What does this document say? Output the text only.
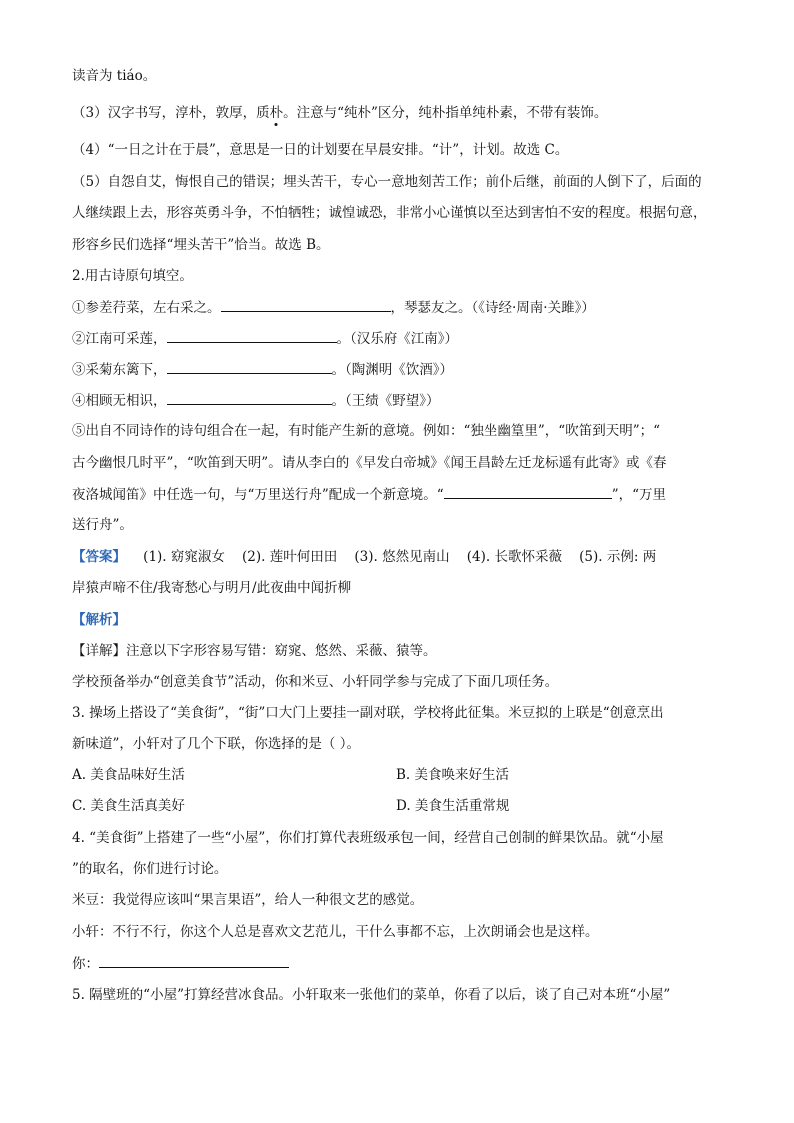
读音为 tiáo。
（3）汉字书写，淳朴，敦厚，质朴。注意与“纯朴”区分，纯朴指单纯朴素，不带有装饰。
（4）“一日之计在于晨”，意思是一日的计划要在早晨安排。“计”，计划。故选 C。
（5）自怨自艾，悔恨自己的错误；埋头苦干，专心一意地刻苦工作；前仆后继，前面的人倒下了，后面的
人继续跟上去，形容英勇斗争，不怕牺牲；诚惶诚恐，非常小心谨慎以至达到害怕不安的程度。根据句意，
形容乡民们选择“埋头苦干”恰当。故选 B。
2.用古诗原句填空。
①参差荇菜，左右采之。	，琴瑟友之。（《诗经·周南·关雎》）
②江南可采莲，	。（汉乐府《江南》）
③采菊东篱下，	。（陶渊明《饮酒》）
④相顾无相识，	。（王绩《野望》）
⑤出自不同诗作的诗句组合在一起，有时能产生新的意境。例如：“独坐幽篁里”，“吹笛到天明”；“
古今幽恨几时平”，“吹笛到天明”。请从李白的《早发白帝城》《闻王昌龄左迁龙标遥有此寄》或《春
夜洛城闻笛》中任选一句，与“万里送行舟”配成一个新意境。“	”，“万里
送行舟”。
【答案】 (1). 窈窕淑女    (2). 莲叶何田田    (3). 悠然见南山    (4). 长歌怀采薇    (5). 示例: 两
岸猿声啼不住/我寄愁心与明月/此夜曲中闻折柳
【解析】
【详解】注意以下字形容易写错：窈窕、悠然、采薇、猿等。
学校预备举办“创意美食节”活动，你和米豆、小轩同学参与完成了下面几项任务。
3. 操场上搭设了“美食街”，“街”口大门上要挂一副对联，学校将此征集。米豆拟的上联是“创意烹出
新味道”，小轩对了几个下联，你选择的是（ ）。
A. 美食品味好生活	B. 美食唤来好生活
C. 美食生活真美好	D. 美食生活重常规
4. “美食街”上搭建了一些“小屋”，你们打算代表班级承包一间，经营自己创制的鲜果饮品。就“小屋
”的取名，你们进行讨论。
米豆：我觉得应该叫“果言果语”，给人一种很文艺的感觉。
小轩：不行不行，你这个人总是喜欢文艺范儿，干什么事都不忘，上次朗诵会也是这样。
你：
5. 隔壁班的“小屋”打算经营冰食品。小轩取来一张他们的菜单，你看了以后，谈了自己对本班“小屋”
